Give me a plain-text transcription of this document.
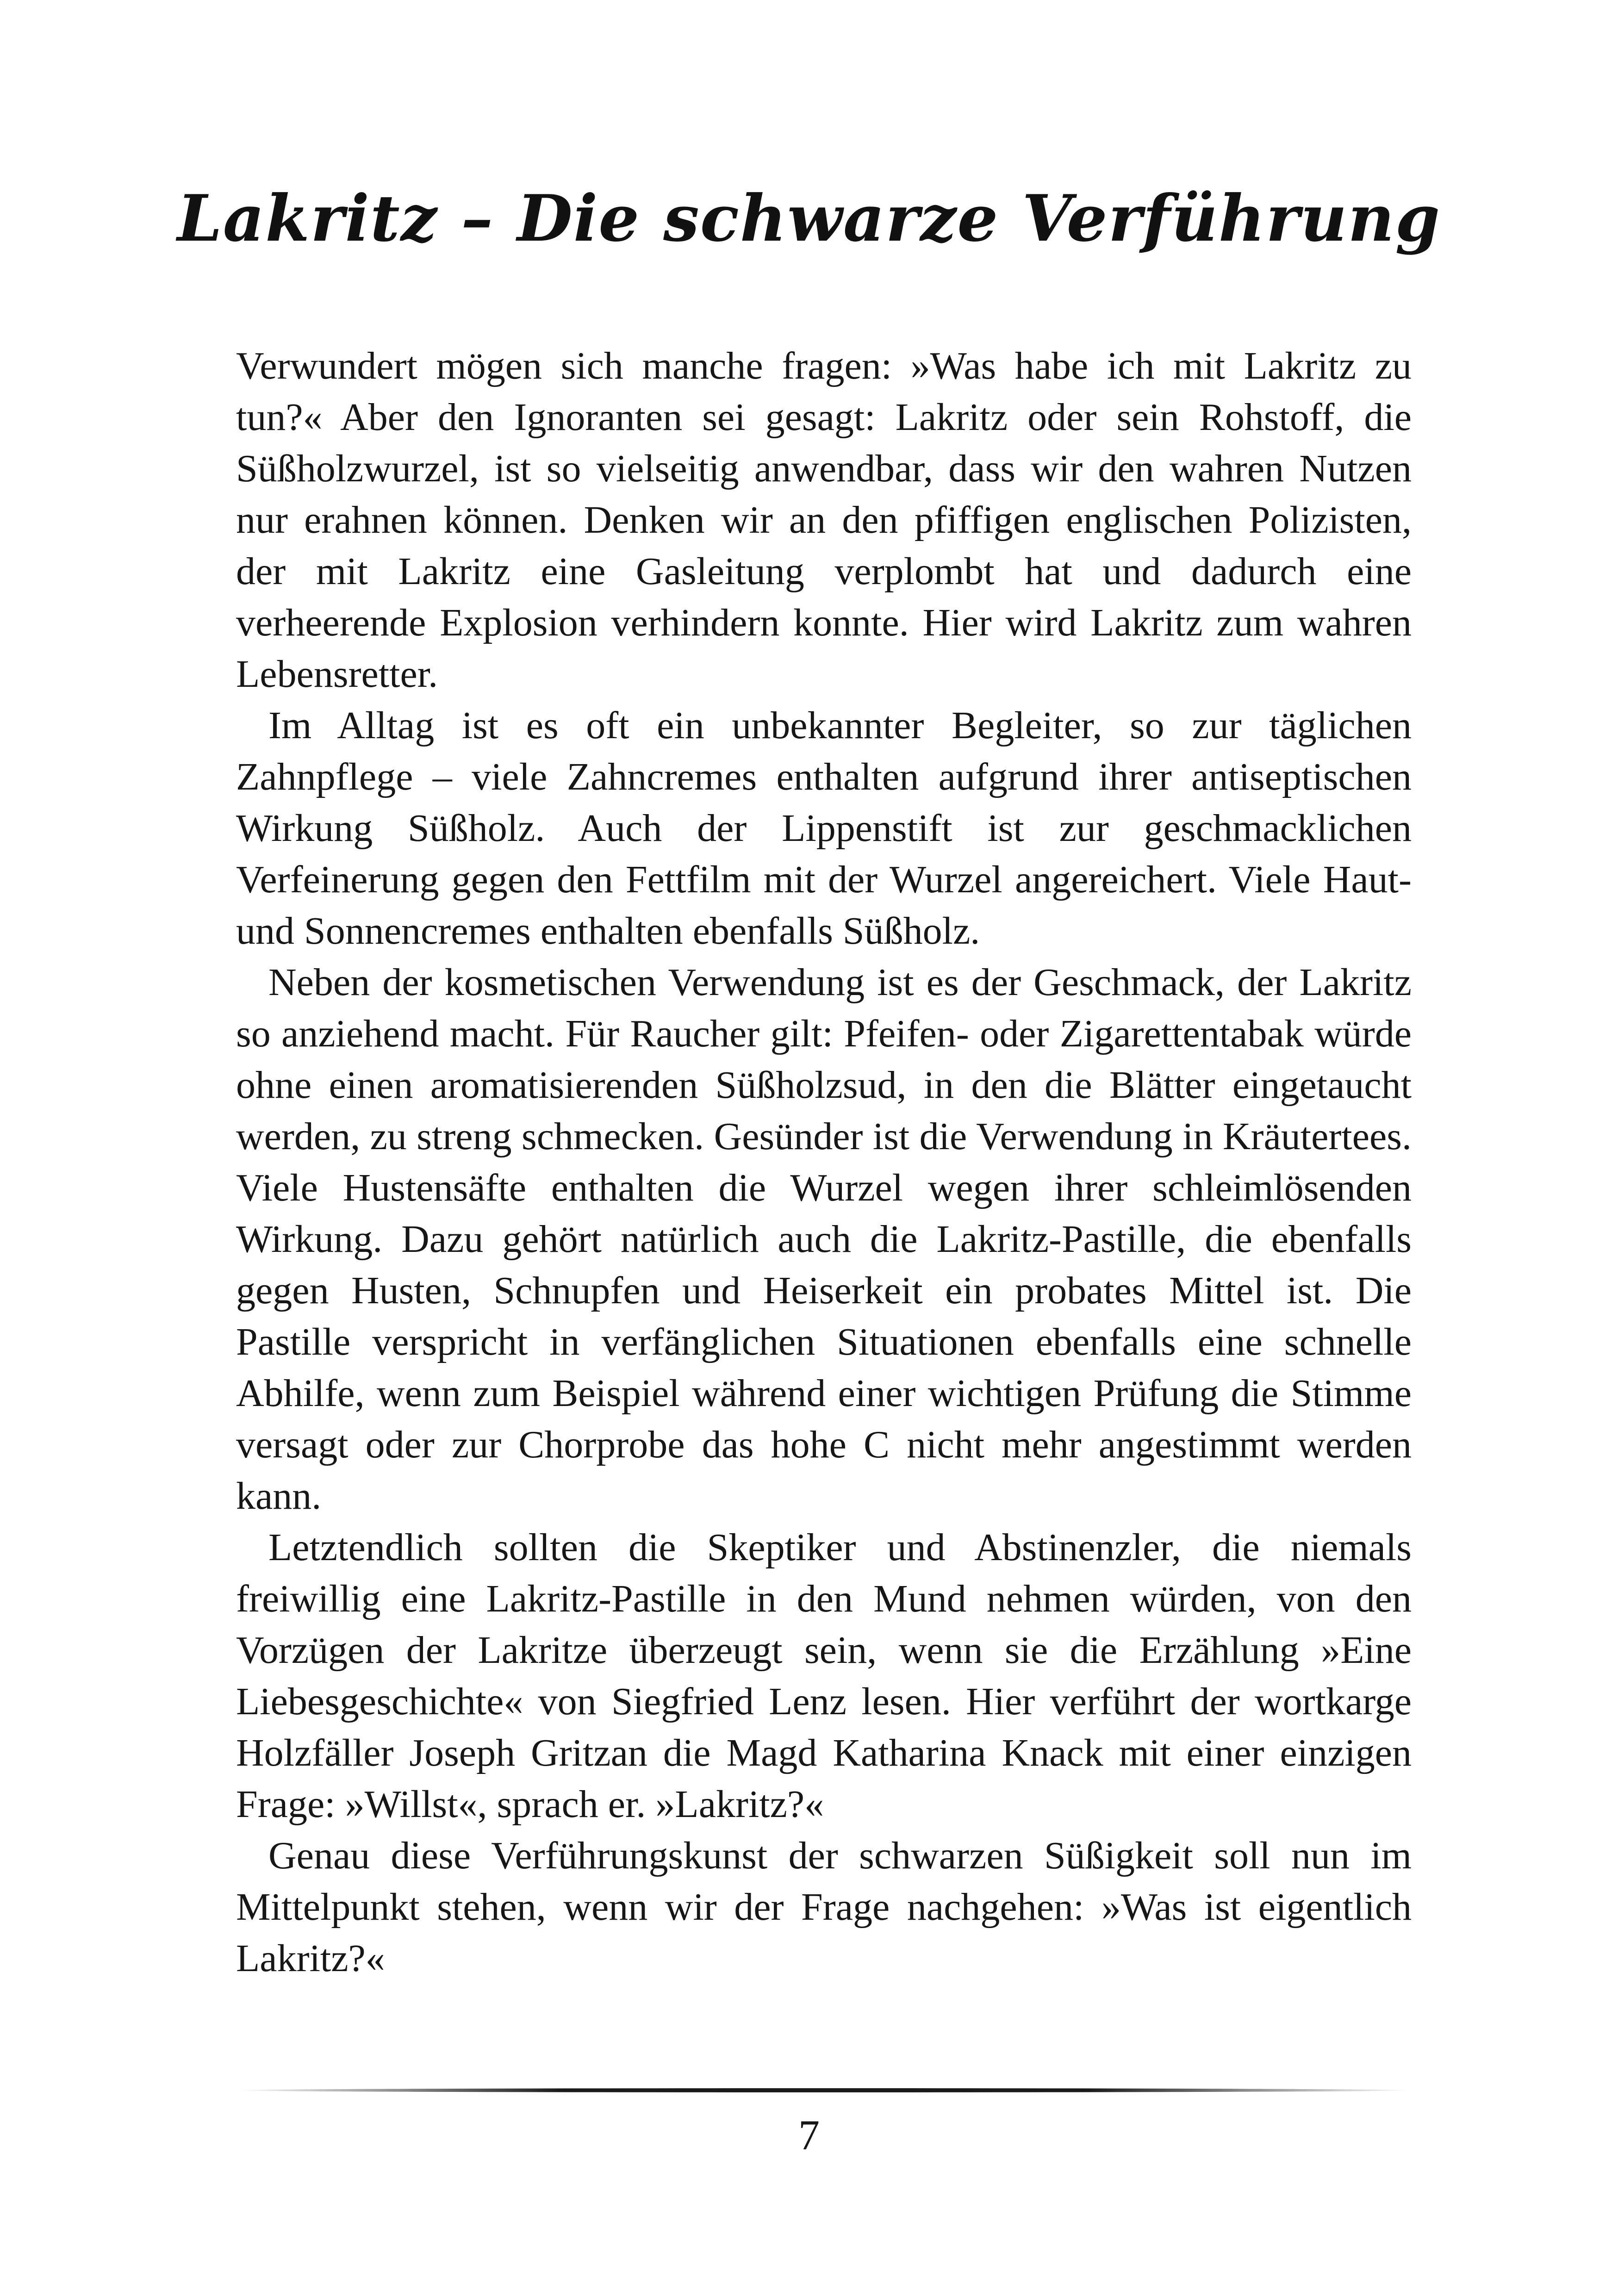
Lakritz – Die schwarze Verführung

Verwundert mögen sich manche fragen: »Was habe ich mit Lakritz zu tun?« Aber den Ignoranten sei gesagt: Lakritz oder sein Rohstoff, die Süßholzwurzel, ist so vielseitig anwendbar, dass wir den wahren Nutzen nur erahnen können. Denken wir an den pfiffigen englischen Polizisten, der mit Lakritz eine Gasleitung verplombt hat und dadurch eine verheerende Explosion verhindern konnte. Hier wird Lakritz zum wahren Lebensretter.

Im Alltag ist es oft ein unbekannter Begleiter, so zur täglichen Zahnpflege – viele Zahncremes enthalten aufgrund ihrer antiseptischen Wirkung Süßholz. Auch der Lippenstift ist zur geschmacklichen Verfeinerung gegen den Fettfilm mit der Wurzel angereichert. Viele Haut- und Sonnencremes enthalten ebenfalls Süßholz.

Neben der kosmetischen Verwendung ist es der Geschmack, der Lakritz so anziehend macht. Für Raucher gilt: Pfeifen- oder Zigarettentabak würde ohne einen aromatisierenden Süßholzsud, in den die Blätter eingetaucht werden, zu streng schmecken. Gesünder ist die Verwendung in Kräutertees. Viele Hustensäfte enthalten die Wurzel wegen ihrer schleimlösenden Wirkung. Dazu gehört natürlich auch die Lakritz-Pastille, die ebenfalls gegen Husten, Schnupfen und Heiserkeit ein probates Mittel ist. Die Pastille verspricht in verfänglichen Situationen ebenfalls eine schnelle Abhilfe, wenn zum Beispiel während einer wichtigen Prüfung die Stimme versagt oder zur Chorprobe das hohe C nicht mehr angestimmt werden kann.

Letztendlich sollten die Skeptiker und Abstinenzler, die niemals freiwillig eine Lakritz-Pastille in den Mund nehmen würden, von den Vorzügen der Lakritze überzeugt sein, wenn sie die Erzählung »Eine Liebesgeschichte« von Siegfried Lenz lesen. Hier verführt der wortkarge Holzfäller Joseph Gritzan die Magd Katharina Knack mit einer einzigen Frage: »Willst«, sprach er. »Lakritz?«

Genau diese Verführungskunst der schwarzen Süßigkeit soll nun im Mittelpunkt stehen, wenn wir der Frage nachgehen: »Was ist eigentlich Lakritz?«

7
